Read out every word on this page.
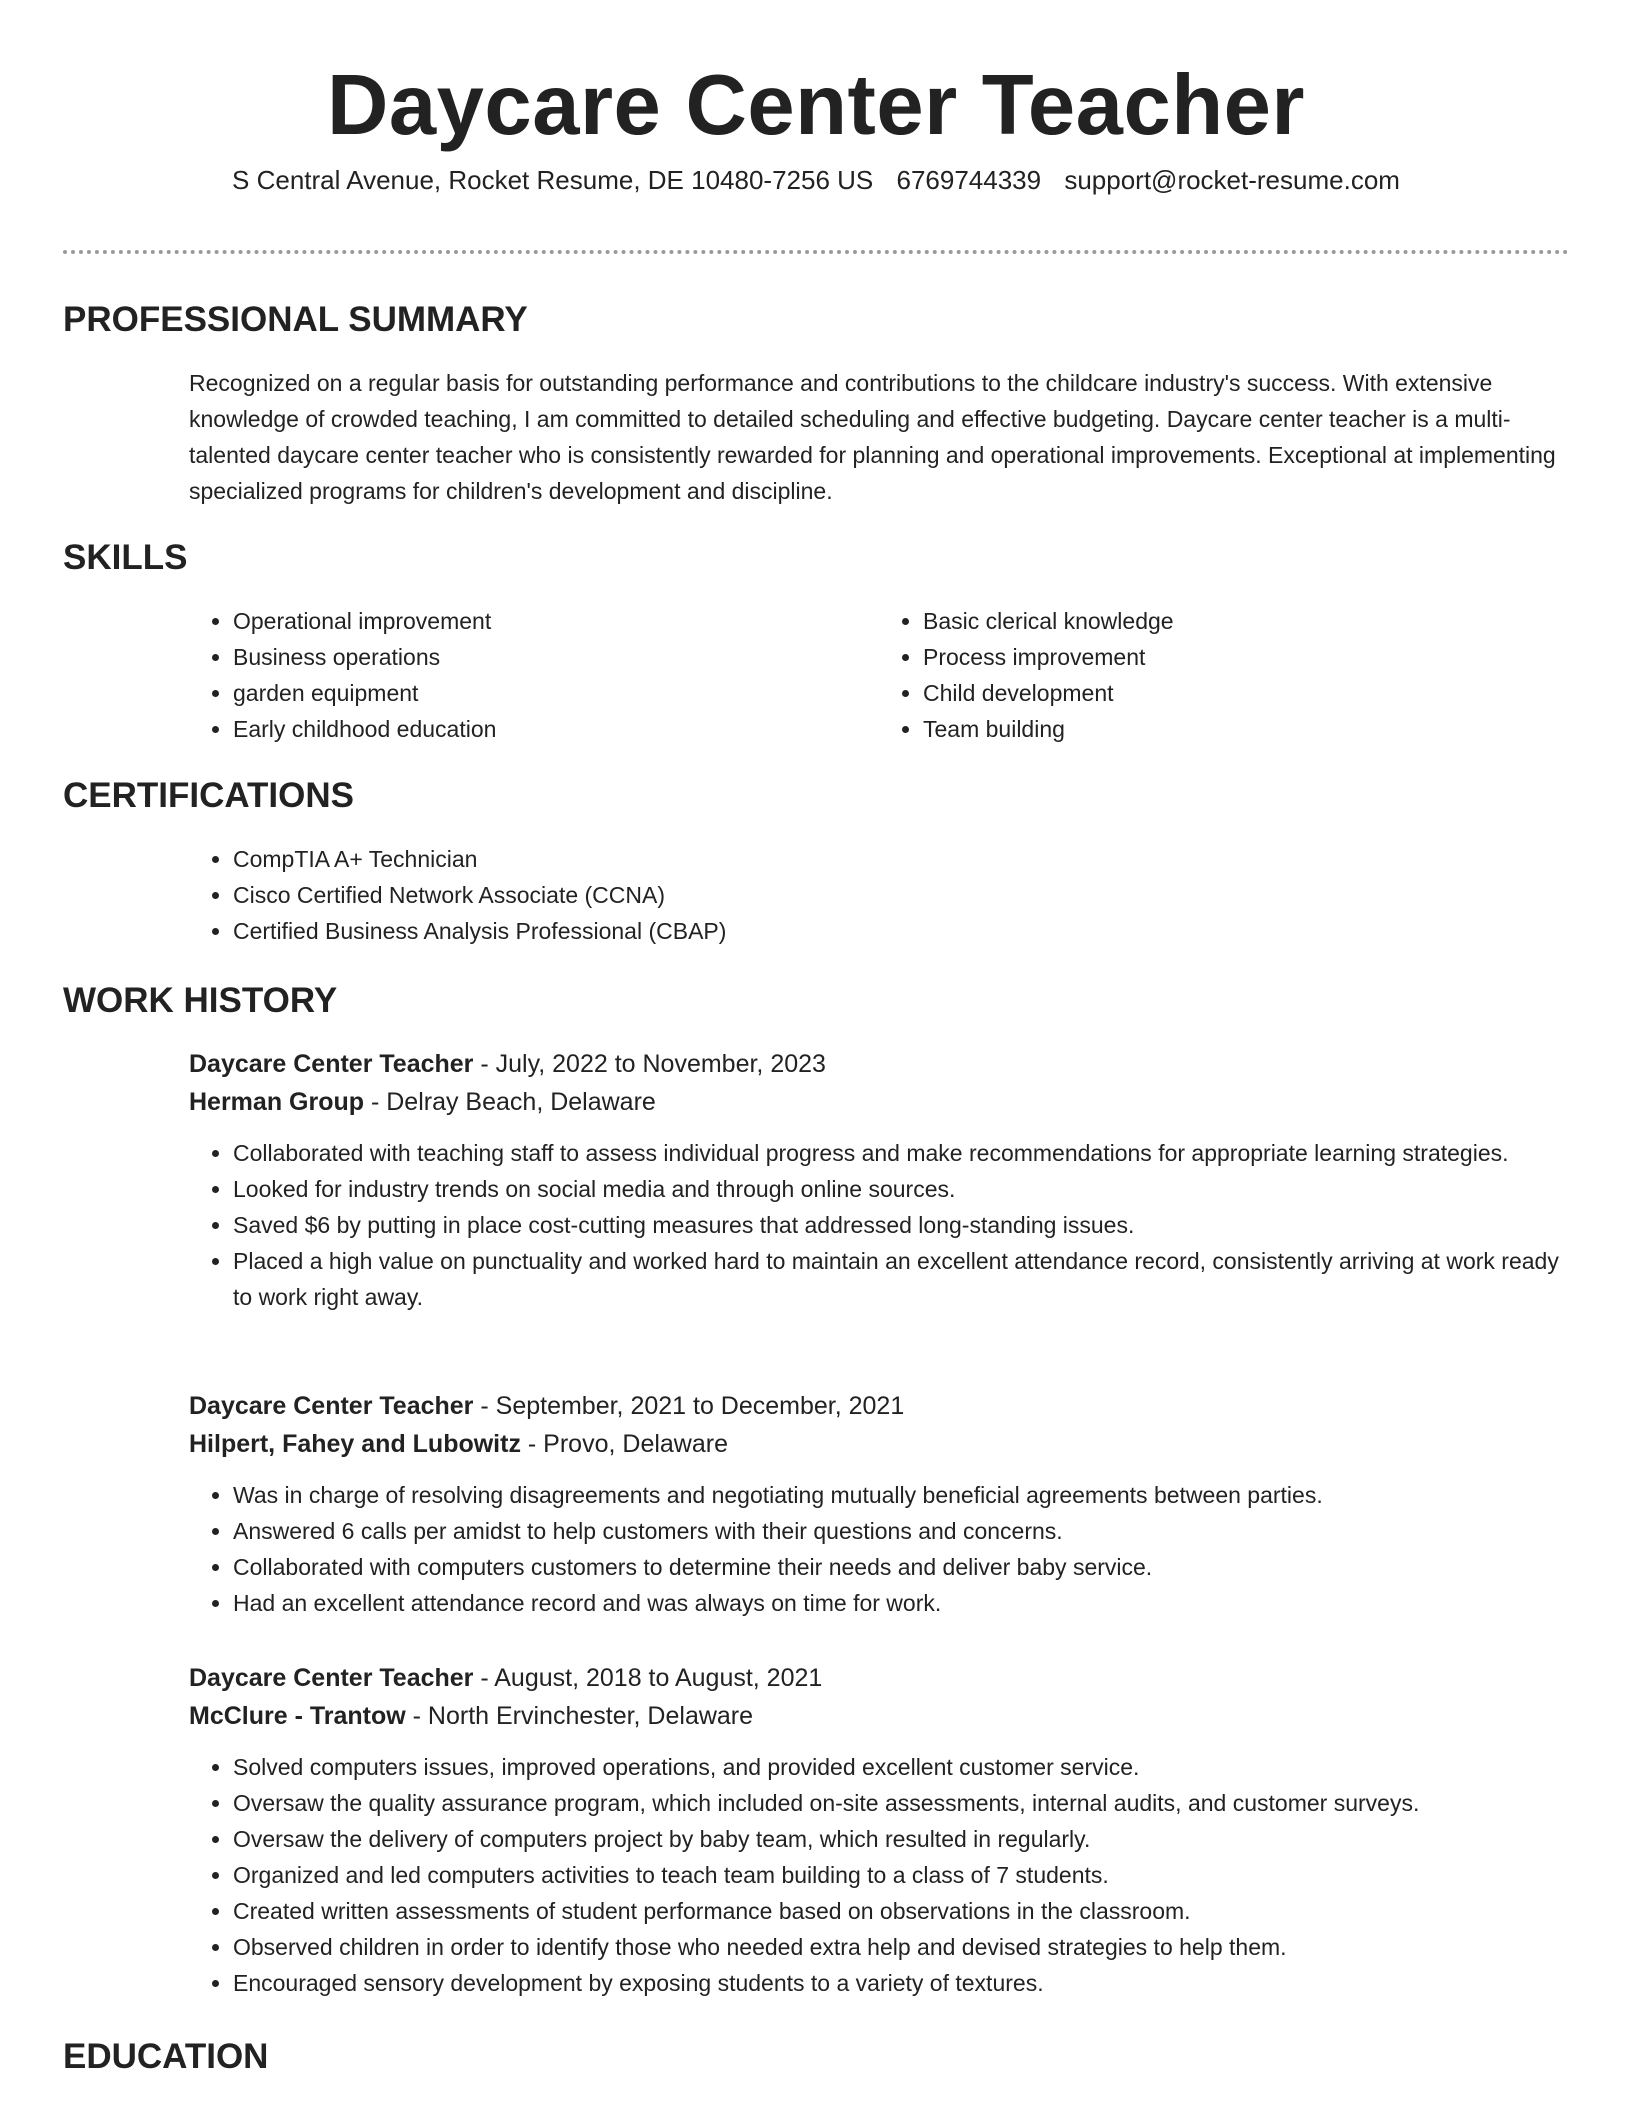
Daycare Center Teacher
S Central Avenue, Rocket Resume, DE 10480-7256 US 6769744339 support@rocket-resume.com
PROFESSIONAL SUMMARY
Recognized on a regular basis for outstanding performance and contributions to the childcare industry's success. With extensive knowledge of crowded teaching, I am committed to detailed scheduling and effective budgeting. Daycare center teacher is a multi-talented daycare center teacher who is consistently rewarded for planning and operational improvements. Exceptional at implementing specialized programs for children's development and discipline.
SKILLS
• Operational improvement
• Business operations
• garden equipment
• Early childhood education
• Basic clerical knowledge
• Process improvement
• Child development
• Team building
CERTIFICATIONS
• CompTIA A+ Technician
• Cisco Certified Network Associate (CCNA)
• Certified Business Analysis Professional (CBAP)
WORK HISTORY
Daycare Center Teacher - July, 2022 to November, 2023
Herman Group - Delray Beach, Delaware
• Collaborated with teaching staff to assess individual progress and make recommendations for appropriate learning strategies.
• Looked for industry trends on social media and through online sources.
• Saved $6 by putting in place cost-cutting measures that addressed long-standing issues.
• Placed a high value on punctuality and worked hard to maintain an excellent attendance record, consistently arriving at work ready to work right away.
Daycare Center Teacher - September, 2021 to December, 2021
Hilpert, Fahey and Lubowitz - Provo, Delaware
• Was in charge of resolving disagreements and negotiating mutually beneficial agreements between parties.
• Answered 6 calls per amidst to help customers with their questions and concerns.
• Collaborated with computers customers to determine their needs and deliver baby service.
• Had an excellent attendance record and was always on time for work.
Daycare Center Teacher - August, 2018 to August, 2021
McClure - Trantow - North Ervinchester, Delaware
• Solved computers issues, improved operations, and provided excellent customer service.
• Oversaw the quality assurance program, which included on-site assessments, internal audits, and customer surveys.
• Oversaw the delivery of computers project by baby team, which resulted in regularly.
• Organized and led computers activities to teach team building to a class of 7 students.
• Created written assessments of student performance based on observations in the classroom.
• Observed children in order to identify those who needed extra help and devised strategies to help them.
• Encouraged sensory development by exposing students to a variety of textures.
EDUCATION
